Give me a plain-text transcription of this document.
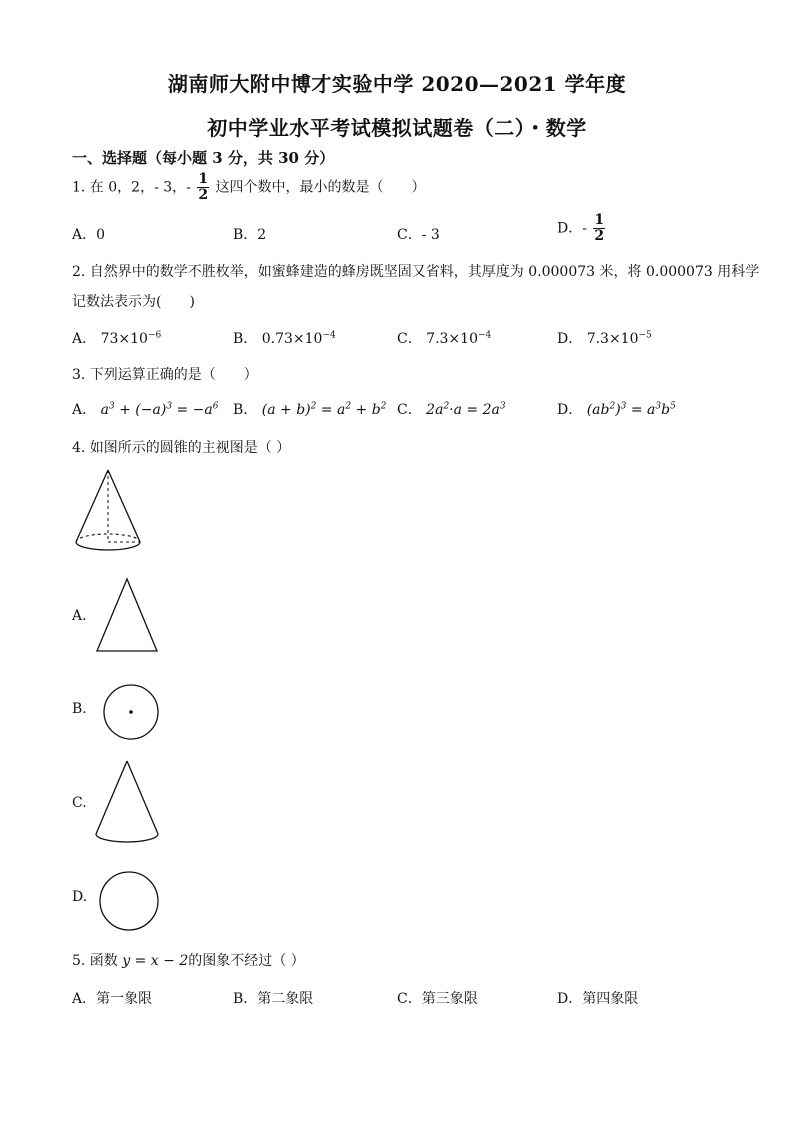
湖南师大附中博才实验中学 2020—2021 学年度
初中学业水平考试模拟试题卷（二）・数学
一、选择题（每小题 3 分，共 30 分）
1. 在 0，2，- 3，- $\frac{1}{2}$ 这四个数中，最小的数是（　　）
A．0	B．2	C．- 3	D．- $\frac{1}{2}$
2. 自然界中的数学不胜枚举，如蜜蜂建造的蜂房既坚固又省料，其厚度为 0.000073 米，将 0.000073 用科学
记数法表示为(　　)
A． $73\times 10^{-6}$	B． $0.73\times 10^{-4}$	C． $7.3\times 10^{-4}$	D． $7.3\times 10^{-5}$
3. 下列运算正确的是（　　）
A． $a^3 + (-a)^3 = -a^6$ B． $(a + b)^2 = a^2 + b^2$ C． $2a^2\cdot a = 2a^3$	D． $(ab^2)^3 = a^3b^5$
4. 如图所示的圆锥的主视图是（ ）
A.
B.
C.
D.
5. 函数 y = x − 2的图象不经过（ ）
A．第一象限	B．第二象限	C．第三象限	D．第四象限
